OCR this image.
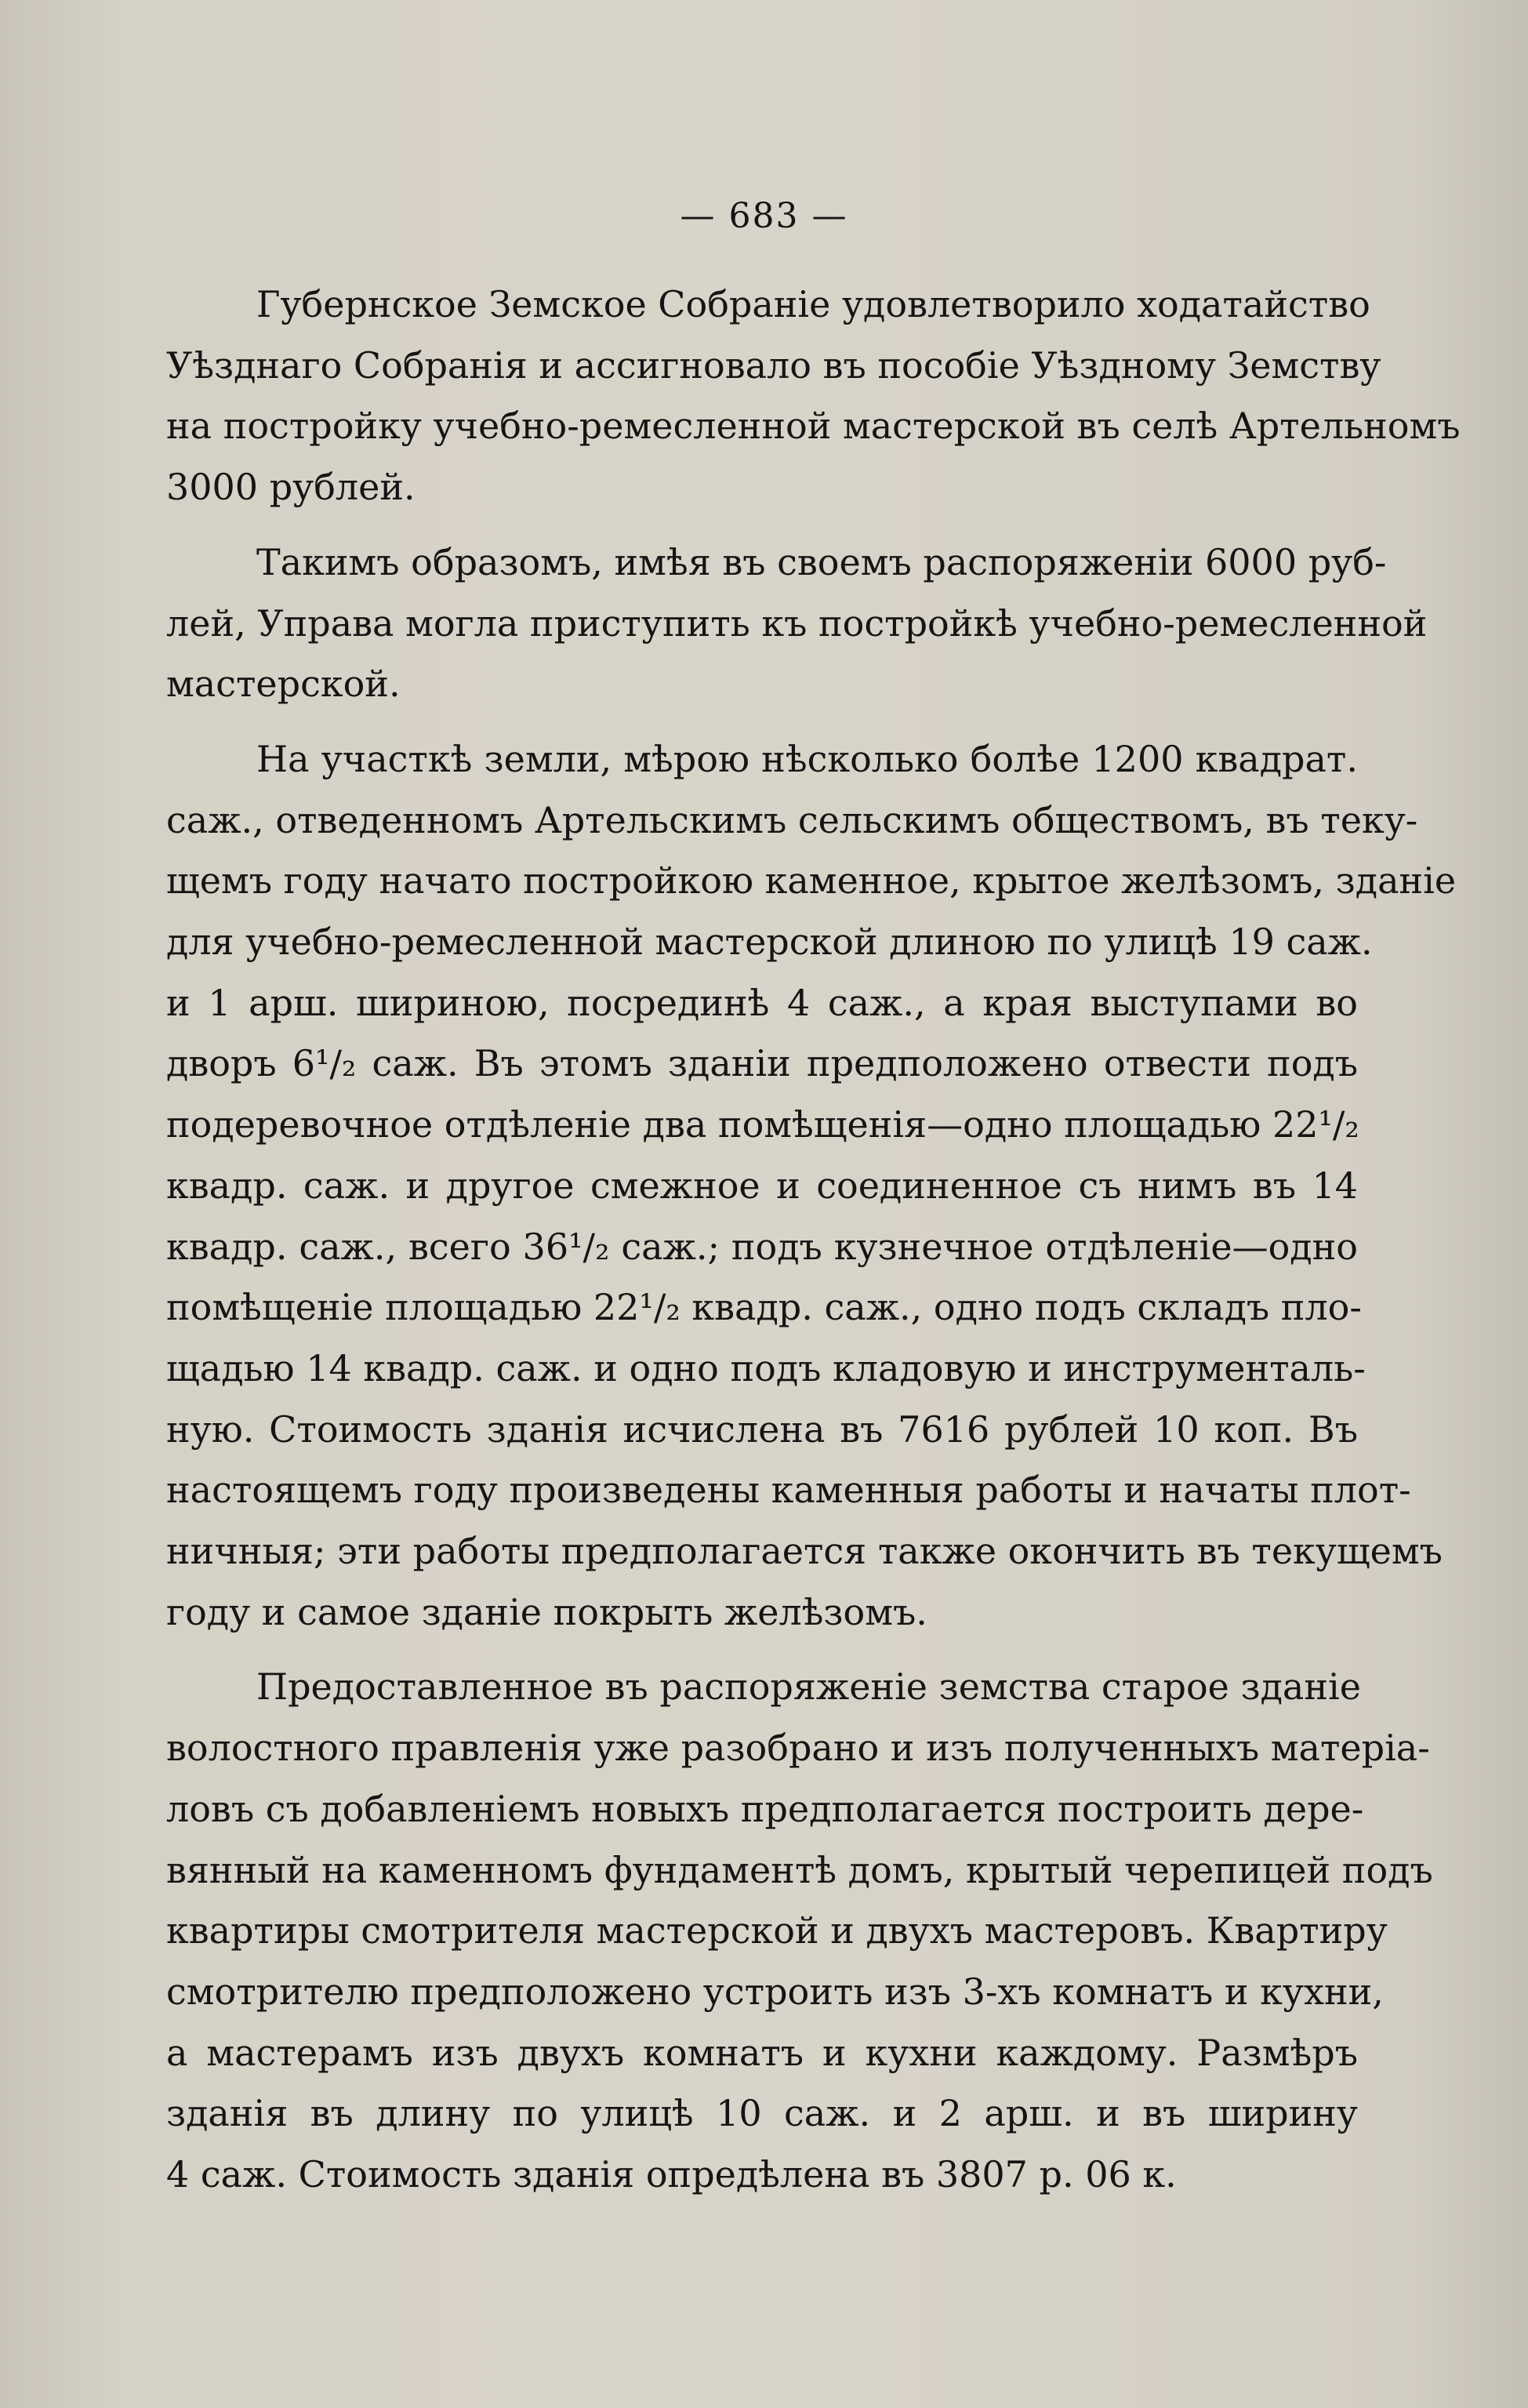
— 683 —
Губернское Земское Собраніе удовлетворило ходатайство
Уѣзднаго Собранія и ассигновало въ пособіе Уѣздному Земству
на постройку учебно-ремесленной мастерской въ селѣ Артельномъ
3000 рублей.
Такимъ образомъ, имѣя въ своемъ распоряженіи 6000 руб-
лей, Управа могла приступить къ постройкѣ учебно-ремесленной
мастерской.
На участкѣ земли, мѣрою нѣсколько болѣе 1200 квадрат.
саж., отведенномъ Артельскимъ сельскимъ обществомъ, въ теку-
щемъ году начато постройкою каменное, крытое желѣзомъ, зданіе
для учебно-ремесленной мастерской длиною по улицѣ 19 саж.
и 1 арш. шириною, посрединѣ 4 саж., а края выступами во
дворъ 6¹/₂ саж. Въ этомъ зданіи предположено отвести подъ
подеревочное отдѣленіе два помѣщенія—одно площадью 22¹/₂
квадр. саж. и другое смежное и соединенное съ нимъ въ 14
квадр. саж., всего 36¹/₂ саж.; подъ кузнечное отдѣленіе—одно
помѣщеніе площадью 22¹/₂ квадр. саж., одно подъ складъ пло-
щадью 14 квадр. саж. и одно подъ кладовую и инструменталь-
ную. Стоимость зданія исчислена въ 7616 рублей 10 коп. Въ
настоящемъ году произведены каменныя работы и начаты плот-
ничныя; эти работы предполагается также окончить въ текущемъ
году и самое зданіе покрыть желѣзомъ.
Предоставленное въ распоряженіе земства старое зданіе
волостного правленія уже разобрано и изъ полученныхъ матеріа-
ловъ съ добавленіемъ новыхъ предполагается построить дере-
вянный на каменномъ фундаментѣ домъ, крытый черепицей подъ
квартиры смотрителя мастерской и двухъ мастеровъ. Квартиру
смотрителю предположено устроить изъ 3-хъ комнатъ и кухни,
а мастерамъ изъ двухъ комнатъ и кухни каждому. Размѣръ
зданія въ длину по улицѣ 10 саж. и 2 арш. и въ ширину
4 саж. Стоимость зданія опредѣлена въ 3807 р. 06 к.
